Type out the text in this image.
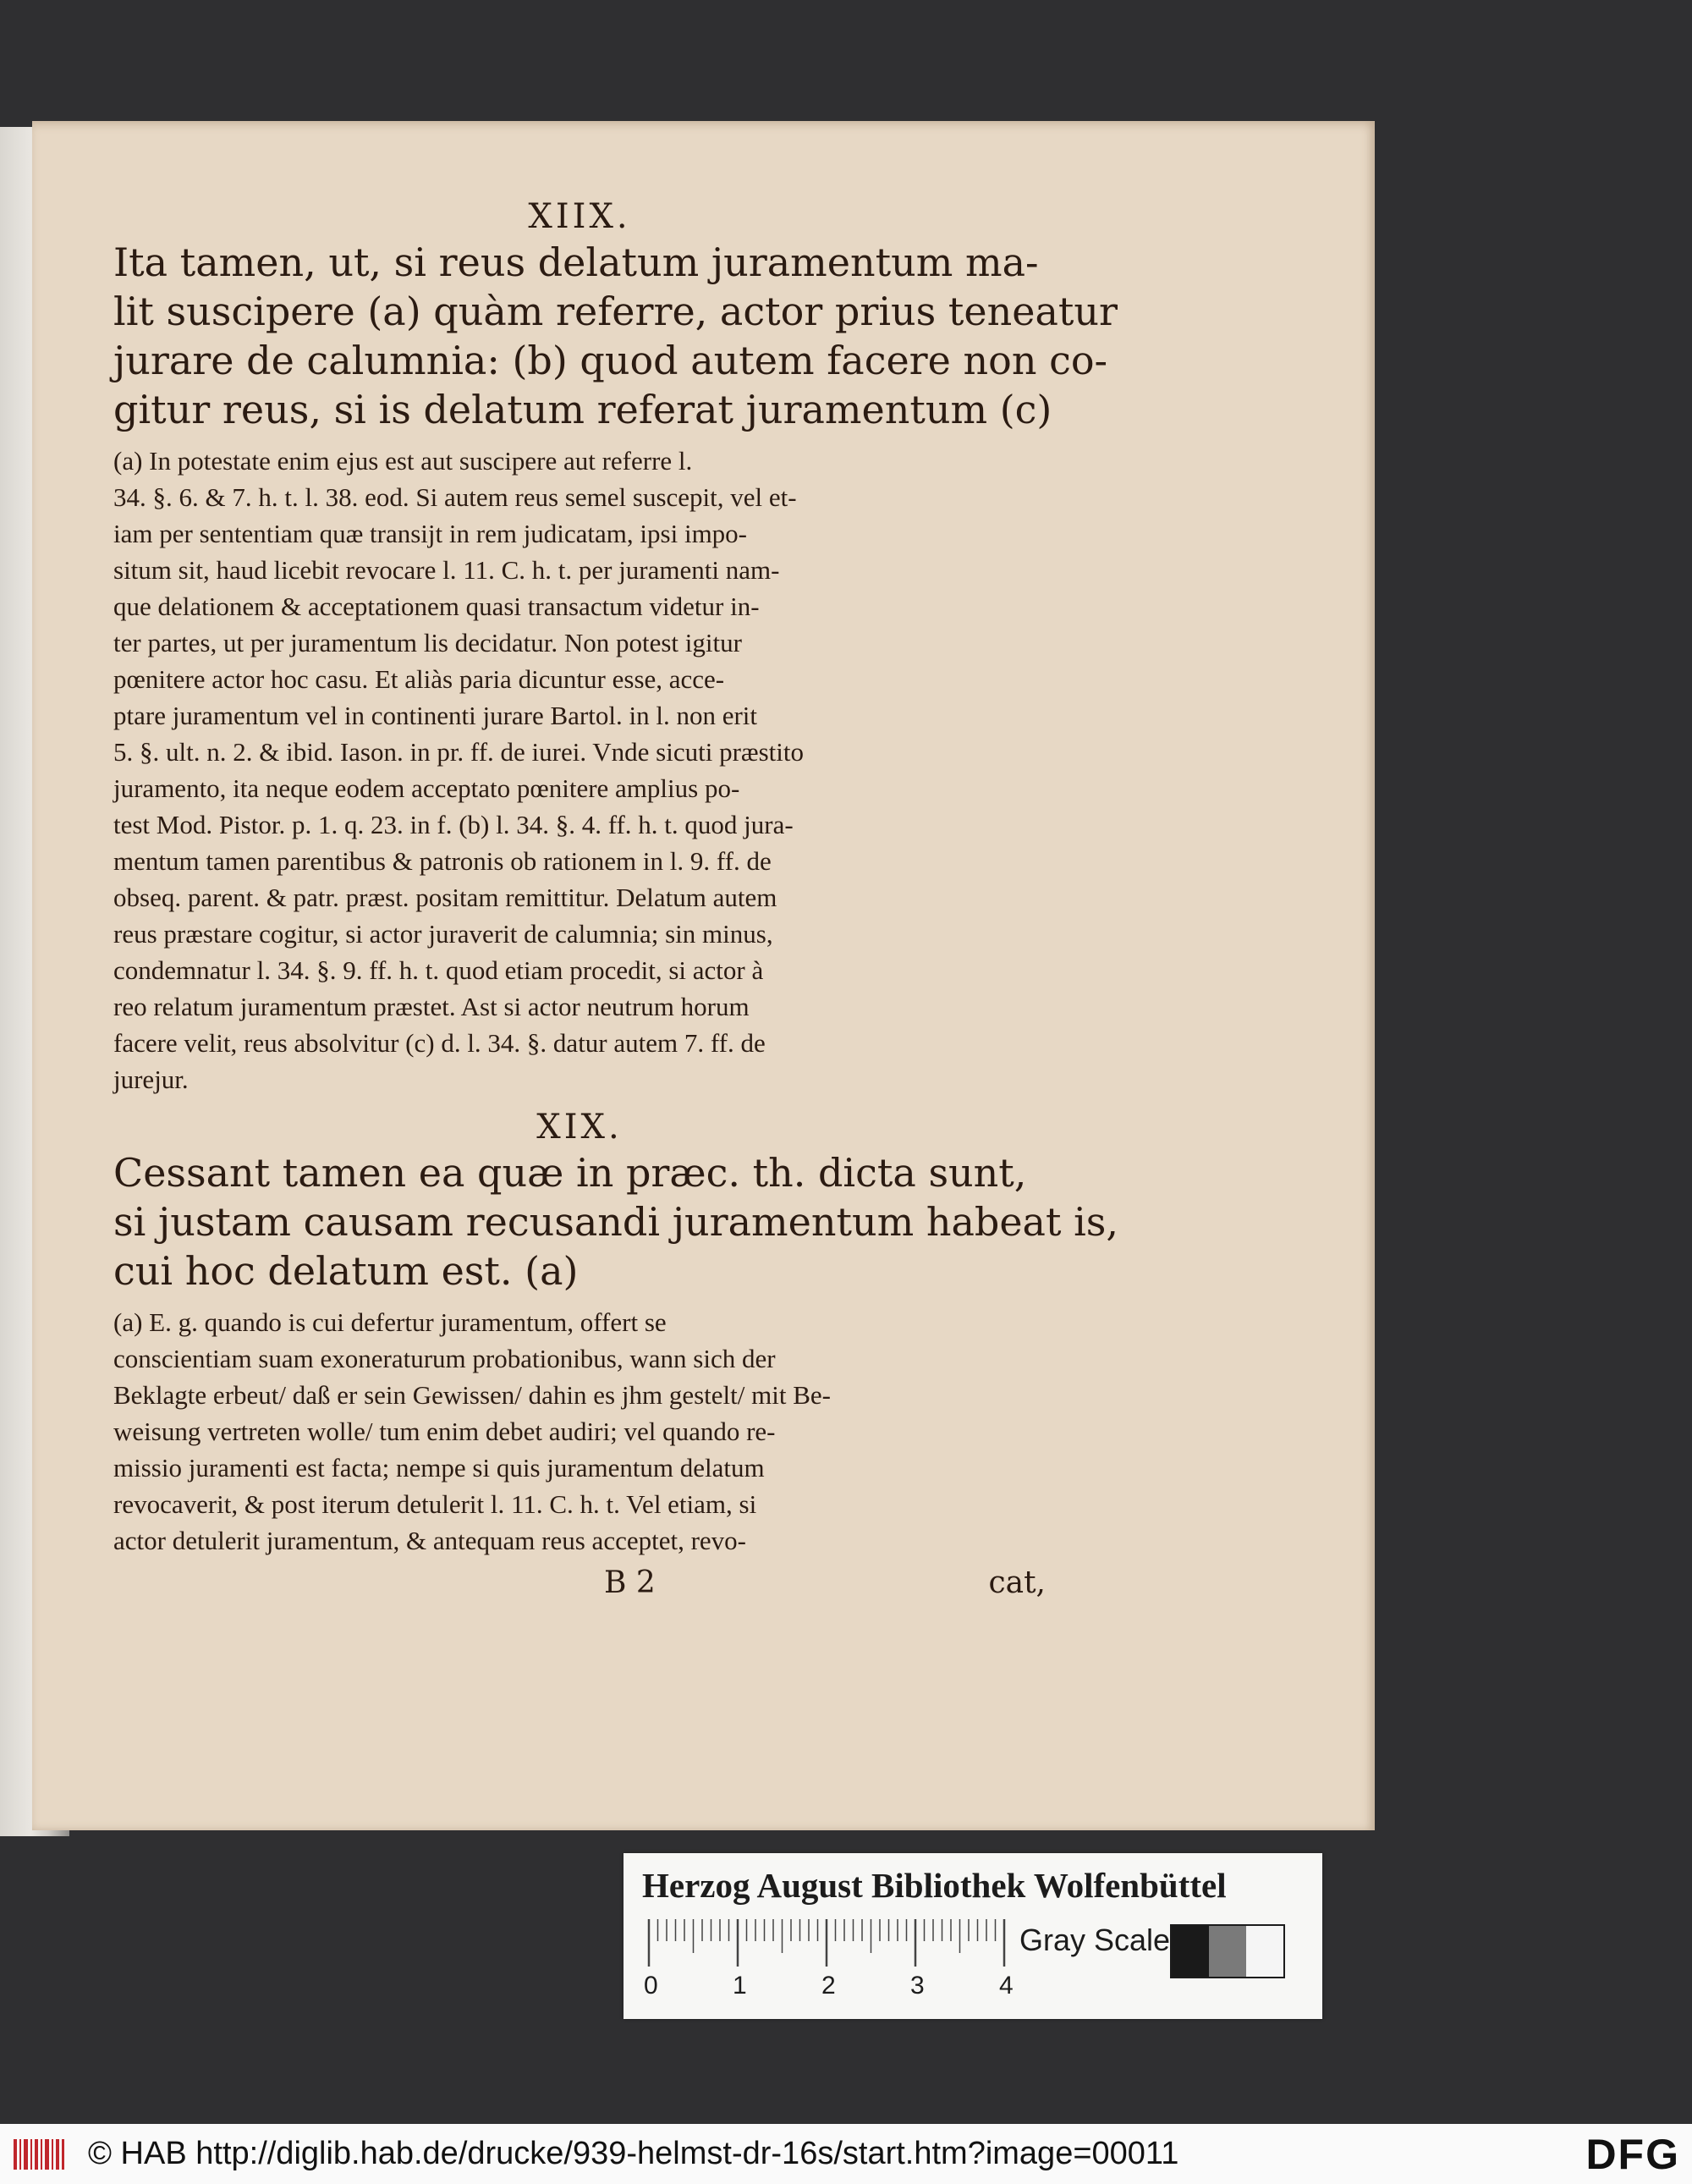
XIIX.

Ita tamen, ut, si reus delatum juramentum ma-
lit suscipere (a) quàm referre, actor prius teneatur
jurare de calumnia: (b) quod autem facere non co-
gitur reus, si is delatum referat juramentum (c)
(a) In potestate enim ejus est aut suscipere aut referre l.
34. §. 6. & 7. h. t. l. 38. eod. Si autem reus semel suscepit, vel et-
iam per sententiam quæ transijt in rem judicatam, ipsi impo-
situm sit, haud licebit revocare l. 11. C. h. t. per juramenti nam-
que delationem & acceptationem quasi transactum videtur in-
ter partes, ut per juramentum lis decidatur. Non potest igitur
pœnitere actor hoc casu. Et aliàs paria dicuntur esse, acce-
ptare juramentum vel in continenti jurare Bartol. in l. non erit
5. §. ult. n. 2. & ibid. Iason. in pr. ff. de iurei. Vnde sicuti præstito
juramento, ita neque eodem acceptato pœnitere amplius po-
test Mod. Pistor. p. 1. q. 23. in f. (b) l. 34. §. 4. ff. h. t. quod jura-
mentum tamen parentibus & patronis ob rationem in l. 9. ff. de
obseq. parent. & patr. præst. positam remittitur. Delatum autem
reus præstare cogitur, si actor juraverit de calumnia; sin minus,
condemnatur l. 34. §. 9. ff. h. t. quod etiam procedit, si actor à
reo relatum juramentum præstet. Ast si actor neutrum horum
facere velit, reus absolvitur (c) d. l. 34. §. datur autem 7. ff. de
jurejur.

XIX.

Cessant tamen ea quæ in præc. th. dicta sunt,
si justam causam recusandi juramentum habeat is,
cui hoc delatum est. (a)
(a) E. g. quando is cui defertur juramentum, offert se
conscientiam suam exoneraturum probationibus, wann sich der
Beklagte erbeut/ daß er sein Gewissen/ dahin es jhm gestelt/ mit Be-
weisung vertreten wolle/ tum enim debet audiri; vel quando re-
missio juramenti est facta; nempe si quis juramentum delatum
revocaverit, & post iterum detulerit l. 11. C. h. t. Vel etiam, si
actor detulerit juramentum, & antequam reus acceptet, revo-
B 2	cat,
Herzog August Bibliothek Wolfenbüttel
0	1	2	3	4
Gray Scale
© HAB http://diglib.hab.de/drucke/939-helmst-dr-16s/start.htm?image=00011	DFG
